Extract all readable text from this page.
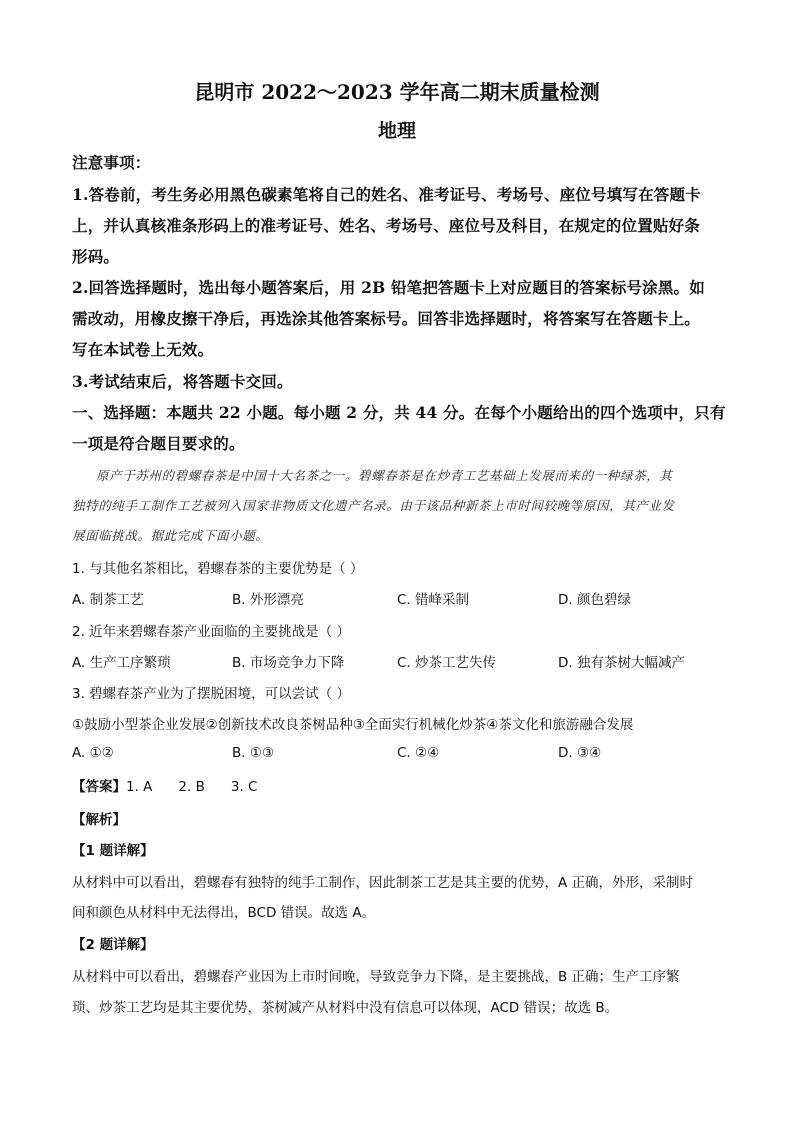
昆明市 2022～2023 学年高二期末质量检测
地理
注意事项：
1.答卷前，考生务必用黑色碳素笔将自己的姓名、准考证号、考场号、座位号填写在答题卡
上，并认真核准条形码上的准考证号、姓名、考场号、座位号及科目，在规定的位置贴好条
形码。
2.回答选择题时，选出每小题答案后，用 2B 铅笔把答题卡上对应题目的答案标号涂黑。如
需改动，用橡皮擦干净后，再选涂其他答案标号。回答非选择题时，将答案写在答题卡上。
写在本试卷上无效。
3.考试结束后，将答题卡交回。
一、选择题：本题共 22 小题。每小题 2 分，共 44 分。在每个小题给出的四个选项中，只有
一项是符合题目要求的。
原产于苏州的碧螺春茶是中国十大名茶之一。碧螺春茶是在炒青工艺基础上发展而来的一种绿茶，其
独特的纯手工制作工艺被列入国家非物质文化遗产名录。由于该品种新茶上市时间较晚等原因，其产业发
展面临挑战。据此完成下面小题。
1. 与其他名茶相比，碧螺春茶的主要优势是（ ）
A. 制茶工艺	B. 外形漂亮	C. 错峰采制	D. 颜色碧绿
2. 近年来碧螺春茶产业面临的主要挑战是（ ）
A. 生产工序繁琐	B. 市场竞争力下降	C. 炒茶工艺失传	D. 独有茶树大幅减产
3. 碧螺春茶产业为了摆脱困境，可以尝试（ ）
①鼓励小型茶企业发展②创新技术改良茶树品种③全面实行机械化炒茶④茶文化和旅游融合发展
A. ①②	B. ①③	C. ②④	D. ③④
【答案】1. A 2. B 3. C
【解析】
【1 题详解】
从材料中可以看出，碧螺春有独特的纯手工制作，因此制茶工艺是其主要的优势，A 正确，外形，采制时
间和颜色从材料中无法得出，BCD 错误。故选 A。
【2 题详解】
从材料中可以看出，碧螺春产业因为上市时间晚，导致竞争力下降，是主要挑战，B 正确；生产工序繁
琐、炒茶工艺均是其主要优势，茶树减产从材料中没有信息可以体现，ACD 错误；故选 B。
